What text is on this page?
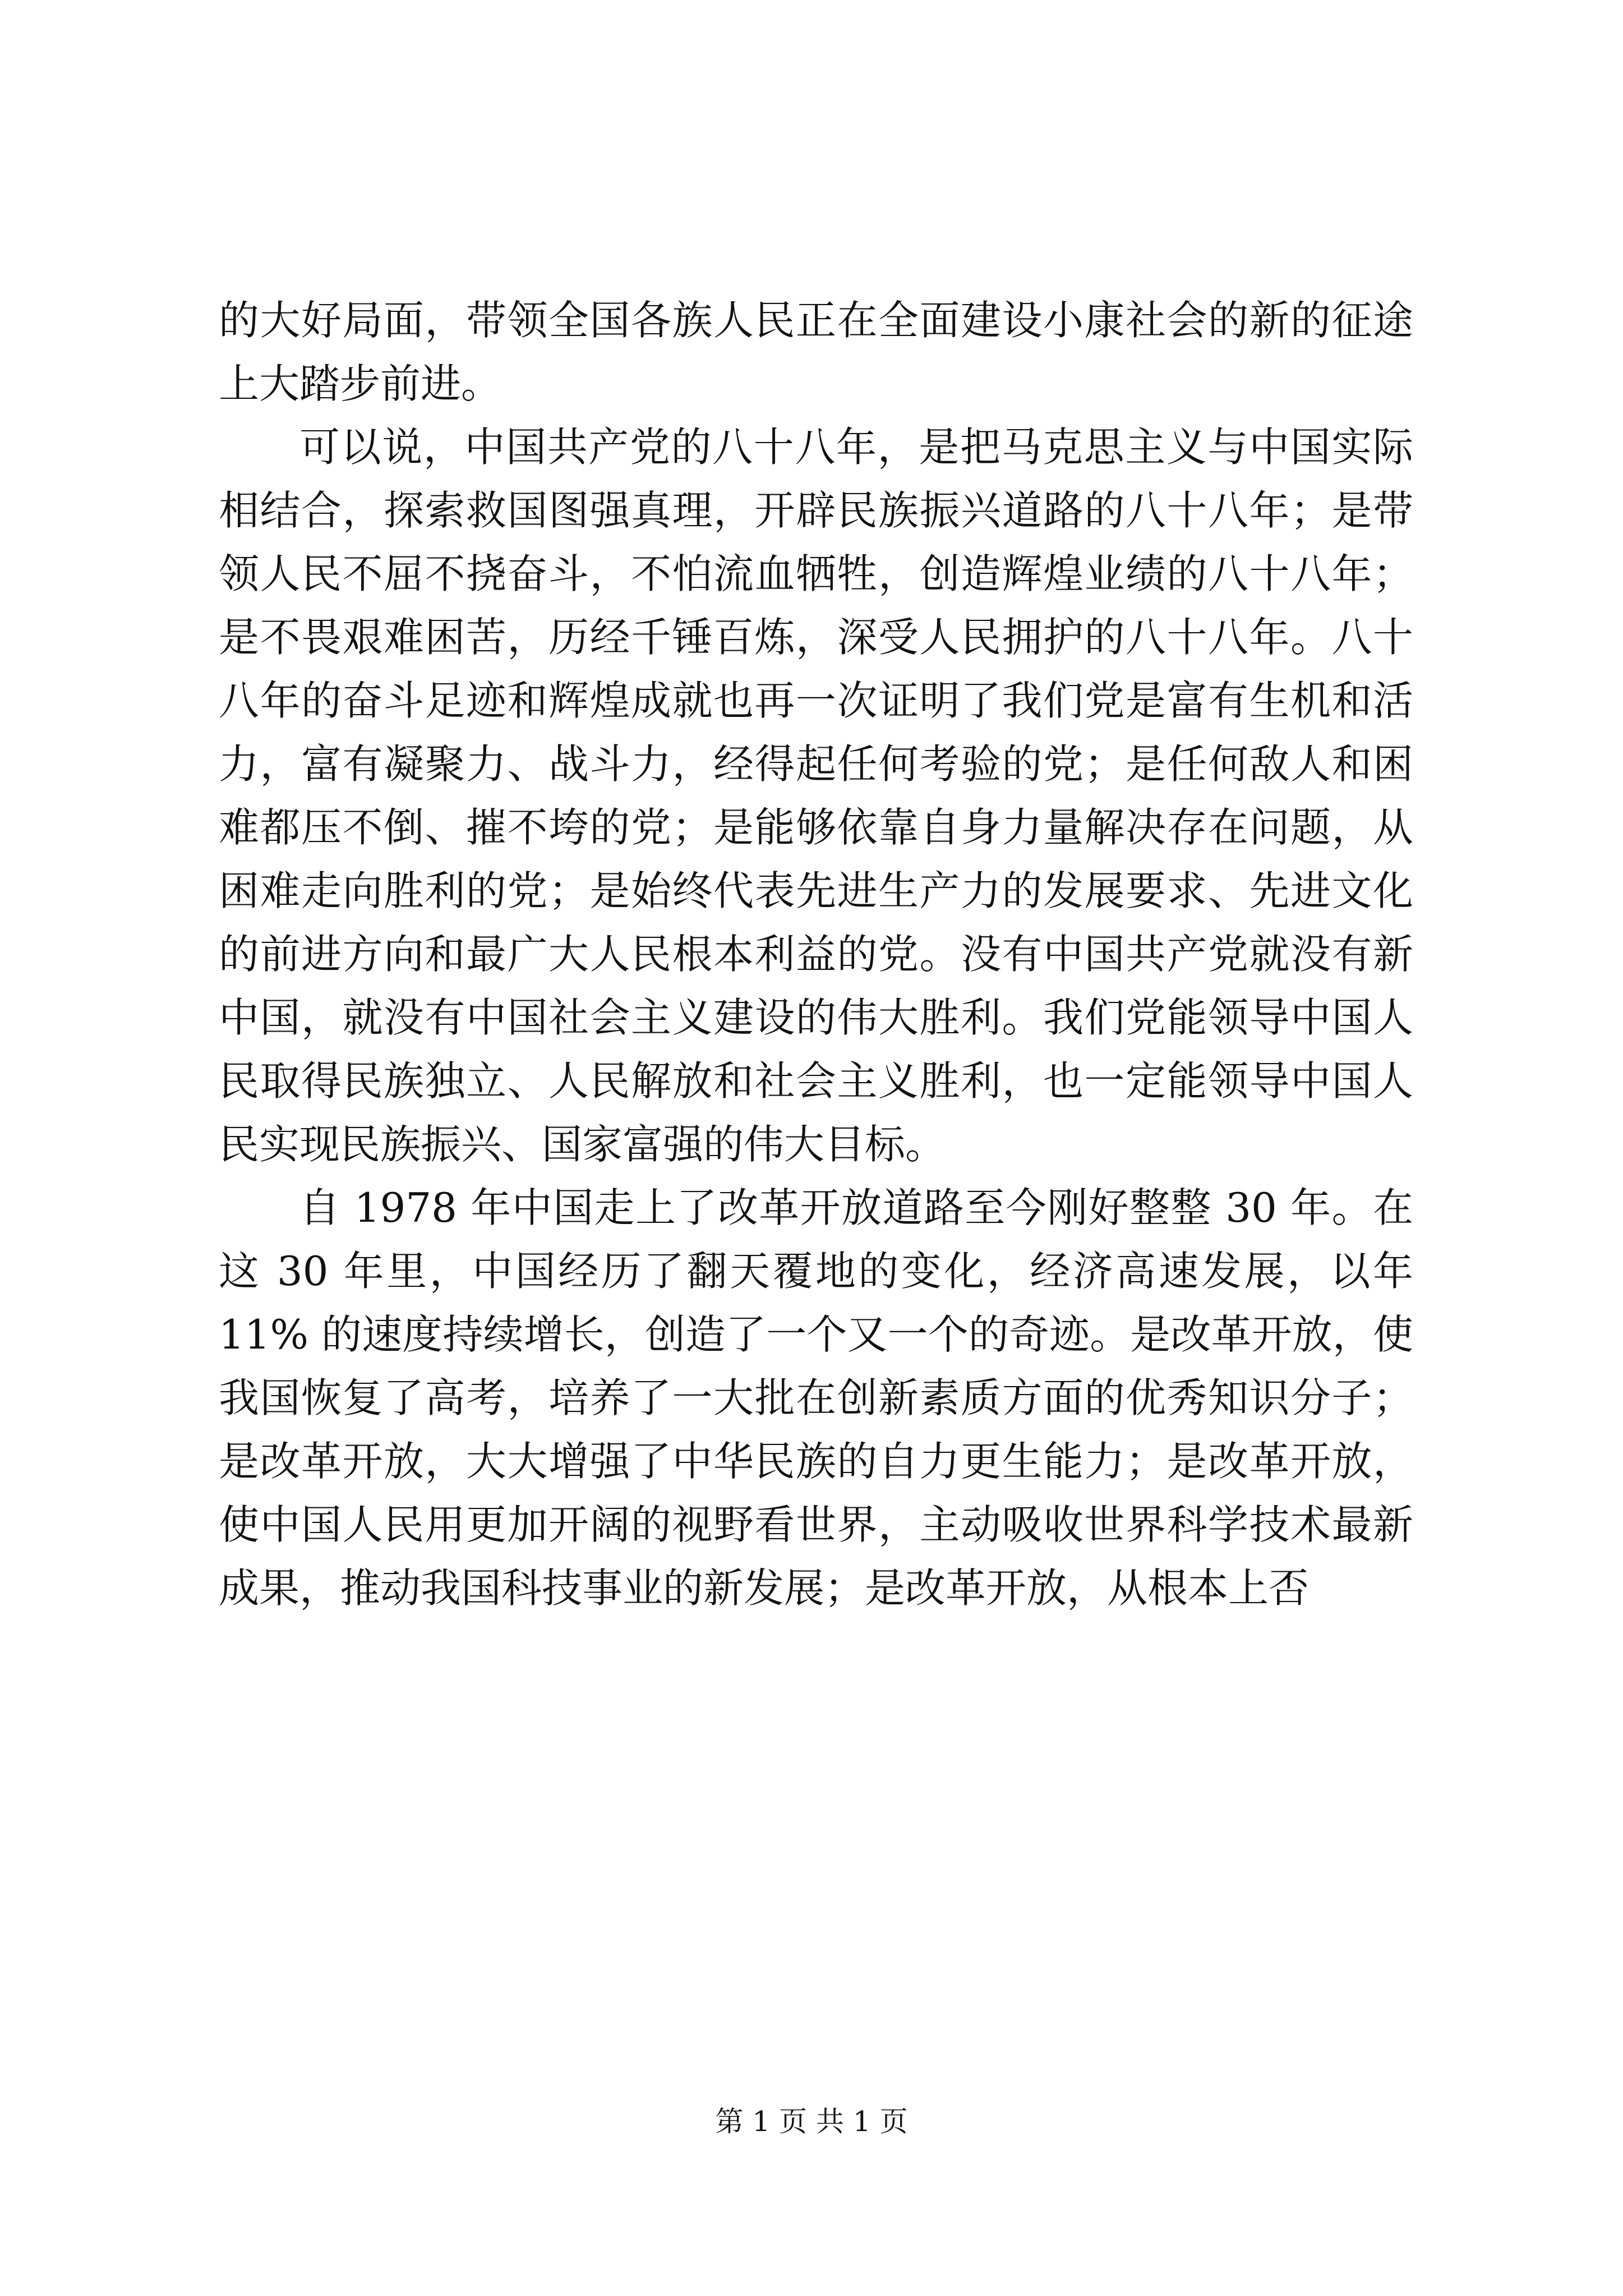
的大好局面，带领全国各族人民正在全面建设小康社会的新的征途上大踏步前进。

可以说，中国共产党的八十八年，是把马克思主义与中国实际相结合，探索救国图强真理，开辟民族振兴道路的八十八年；是带领人民不屈不挠奋斗，不怕流血牺牲，创造辉煌业绩的八十八年；是不畏艰难困苦，历经千锤百炼，深受人民拥护的八十八年。八十八年的奋斗足迹和辉煌成就也再一次证明了我们党是富有生机和活力，富有凝聚力、战斗力，经得起任何考验的党；是任何敌人和困难都压不倒、摧不垮的党；是能够依靠自身力量解决存在问题，从困难走向胜利的党；是始终代表先进生产力的发展要求、先进文化的前进方向和最广大人民根本利益的党。没有中国共产党就没有新中国，就没有中国社会主义建设的伟大胜利。我们党能领导中国人民取得民族独立、人民解放和社会主义胜利，也一定能领导中国人民实现民族振兴、国家富强的伟大目标。

自 1978 年中国走上了改革开放道路至今刚好整整 30 年。在这 30 年里，中国经历了翻天覆地的变化，经济高速发展，以年 11% 的速度持续增长，创造了一个又一个的奇迹。是改革开放，使我国恢复了高考，培养了一大批在创新素质方面的优秀知识分子；是改革开放，大大增强了中华民族的自力更生能力；是改革开放，使中国人民用更加开阔的视野看世界，主动吸收世界科学技术最新成果，推动我国科技事业的新发展；是改革开放，从根本上否

第 1 页 共 1 页
